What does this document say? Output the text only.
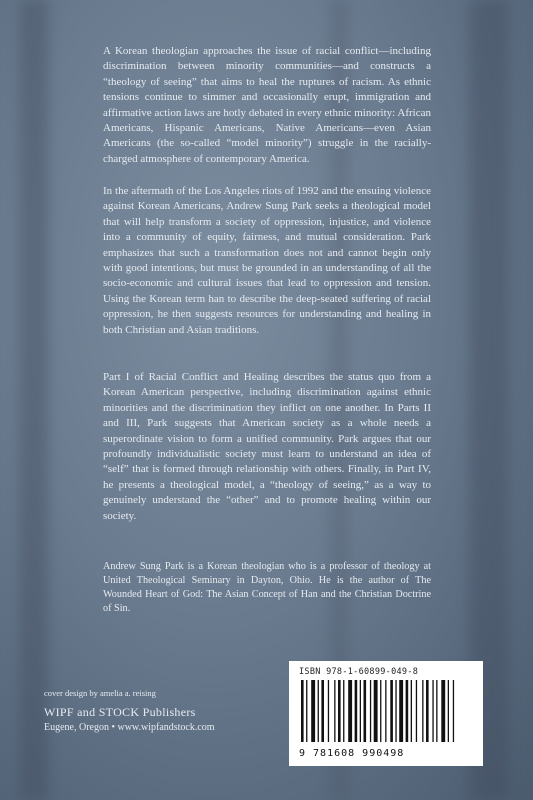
A Korean theologian approaches the issue of racial conflict—including discrimination between minority communities—and constructs a “theology of seeing” that aims to heal the ruptures of racism. As ethnic tensions continue to simmer and occasionally erupt, immigration and affirmative action laws are hotly debated in every ethnic minority: African Americans, Hispanic Americans, Native Americans—even Asian Americans (the so-called “model minority”) struggle in the racially-charged atmosphere of contemporary America.

In the aftermath of the Los Angeles riots of 1992 and the ensuing violence against Korean Americans, Andrew Sung Park seeks a theological model that will help transform a society of oppression, injustice, and violence into a community of equity, fairness, and mutual consideration. Park emphasizes that such a transformation does not and cannot begin only with good intentions, but must be grounded in an understanding of all the socio-economic and cultural issues that lead to oppression and tension. Using the Korean term han to describe the deep-seated suffering of racial oppression, he then suggests resources for understanding and healing in both Christian and Asian traditions.

Part I of Racial Conflict and Healing describes the status quo from a Korean American perspective, including discrimination against ethnic minorities and the discrimination they inflict on one another. In Parts II and III, Park suggests that American society as a whole needs a superordinate vision to form a unified community. Park argues that our profoundly individualistic society must learn to understand an idea of “self” that is formed through relationship with others. Finally, in Part IV, he presents a theological model, a “theology of seeing,” as a way to genuinely understand the “other” and to promote healing within our society.

Andrew Sung Park is a Korean theologian who is a professor of theology at United Theological Seminary in Dayton, Ohio. He is the author of The Wounded Heart of God: The Asian Concept of Han and the Christian Doctrine of Sin.

cover design by amelia a. reising
WIPF and STOCK Publishers
Eugene, Oregon • www.wipfandstock.com
ISBN 978-1-60899-049-8
9 781608 990498
